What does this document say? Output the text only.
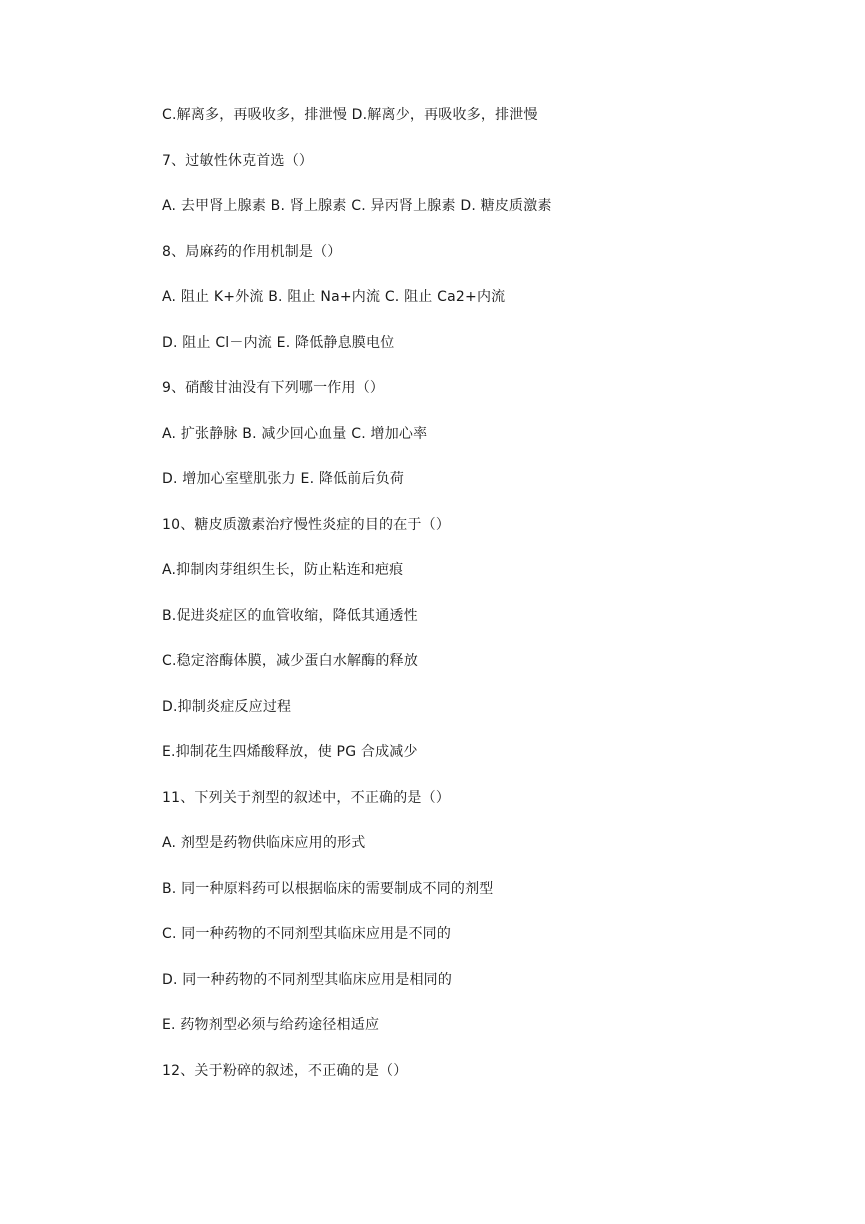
C.解离多，再吸收多，排泄慢 D.解离少，再吸收多，排泄慢
7、过敏性休克首选（）
A. 去甲肾上腺素 B. 肾上腺素 C. 异丙肾上腺素 D. 糖皮质激素
8、局麻药的作用机制是（）
A. 阻止 K+外流 B. 阻止 Na+内流 C. 阻止 Ca2+内流
D. 阻止 Cl－内流 E. 降低静息膜电位
9、硝酸甘油没有下列哪一作用（）
A. 扩张静脉 B. 减少回心血量 C. 增加心率
D. 增加心室壁肌张力 E. 降低前后负荷
10、糖皮质激素治疗慢性炎症的目的在于（）
A.抑制肉芽组织生长，防止粘连和疤痕
B.促进炎症区的血管收缩，降低其通透性
C.稳定溶酶体膜，减少蛋白水解酶的释放
D.抑制炎症反应过程
E.抑制花生四烯酸释放，使 PG 合成减少
11、下列关于剂型的叙述中，不正确的是（）
A. 剂型是药物供临床应用的形式
B. 同一种原料药可以根据临床的需要制成不同的剂型
C. 同一种药物的不同剂型其临床应用是不同的
D. 同一种药物的不同剂型其临床应用是相同的
E. 药物剂型必须与给药途径相适应
12、关于粉碎的叙述，不正确的是（）
